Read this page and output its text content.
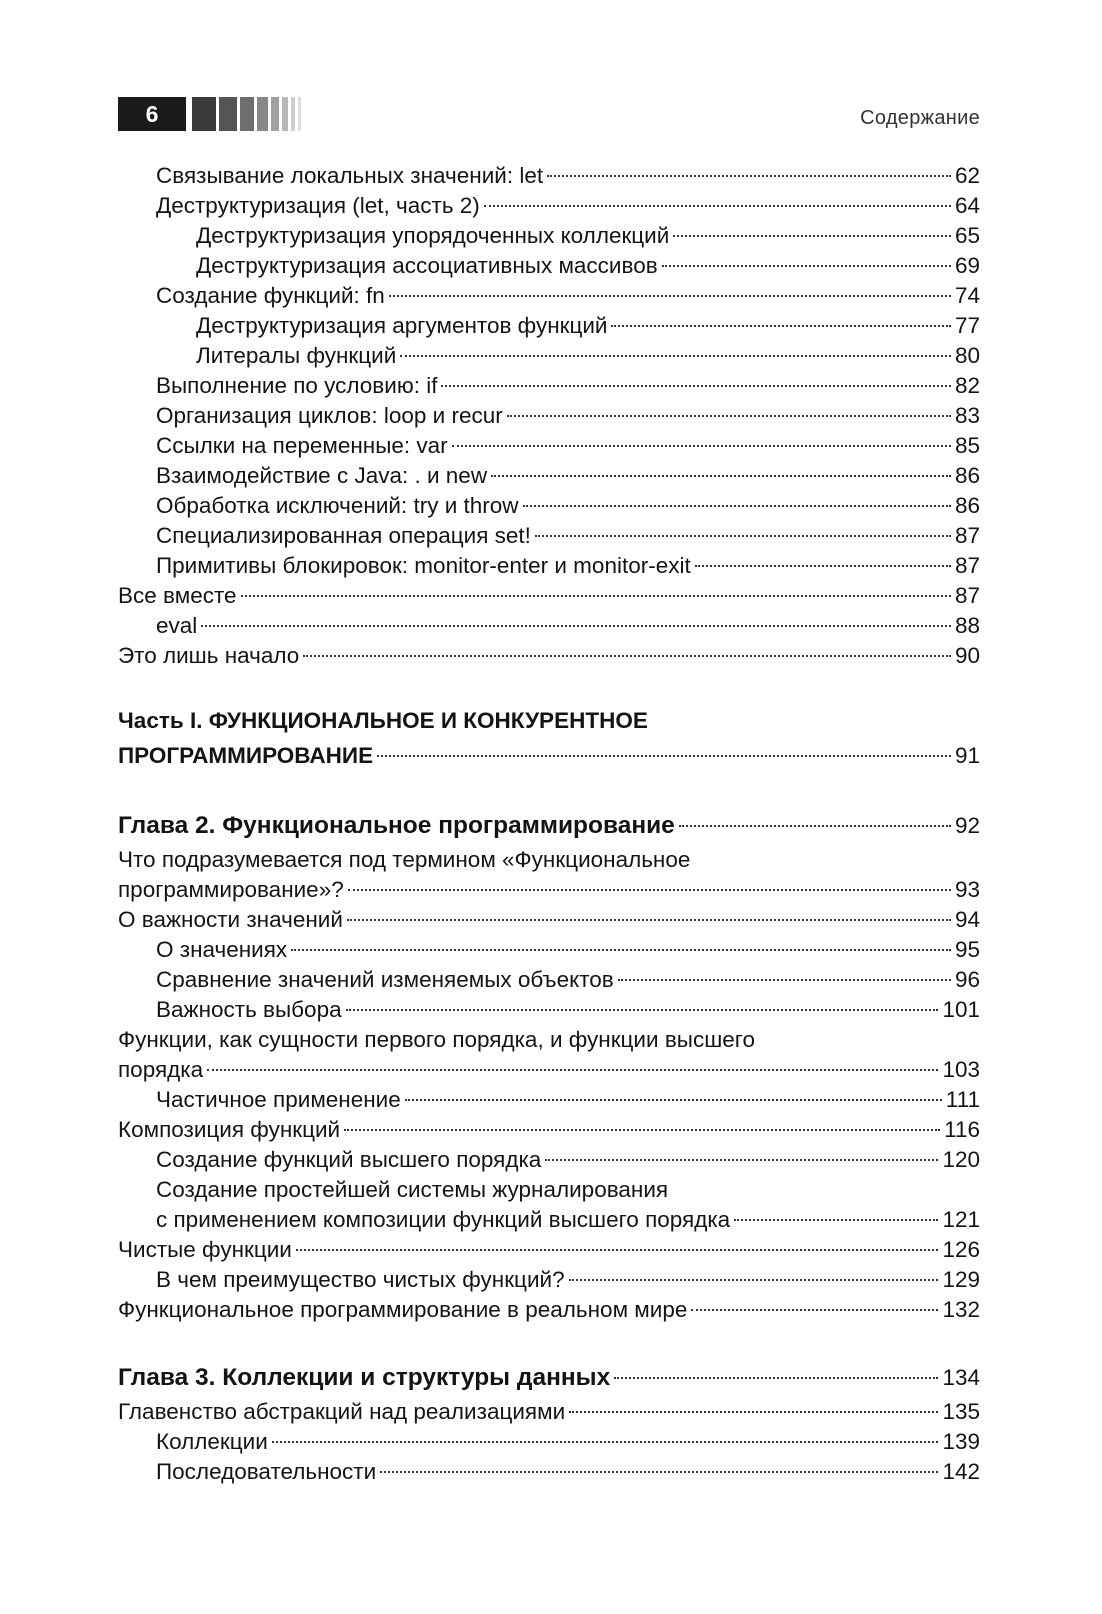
6	Содержание
Связывание локальных значений: let	62
Деструктуризация (let, часть 2)	64
Деструктуризация упорядоченных коллекций	65
Деструктуризация ассоциативных массивов	69
Создание функций: fn	74
Деструктуризация аргументов функций	77
Литералы функций	80
Выполнение по условию: if	82
Организация циклов: loop и recur	83
Ссылки на переменные: var	85
Взаимодействие с Java: . и new	86
Обработка исключений: try и throw	86
Специализированная операция set!	87
Примитивы блокировок: monitor-enter и monitor-exit	87
Все вместе	87
eval	88
Это лишь начало	90
Часть I. ФУНКЦИОНАЛЬНОЕ И КОНКУРЕНТНОЕ
ПРОГРАММИРОВАНИЕ	91
Глава 2. Функциональное программирование	92
Что подразумевается под термином «Функциональное
программирование»?	93
О важности значений	94
О значениях	95
Сравнение значений изменяемых объектов	96
Важность выбора	101
Функции, как сущности первого порядка, и функции высшего
порядка	103
Частичное применение	111
Композиция функций	116
Создание функций высшего порядка	120
Создание простейшей системы журналирования
с применением композиции функций высшего порядка	121
Чистые функции	126
В чем преимущество чистых функций?	129
Функциональное программирование в реальном мире	132
Глава 3. Коллекции и структуры данных	134
Главенство абстракций над реализациями	135
Коллекции	139
Последовательности	142
